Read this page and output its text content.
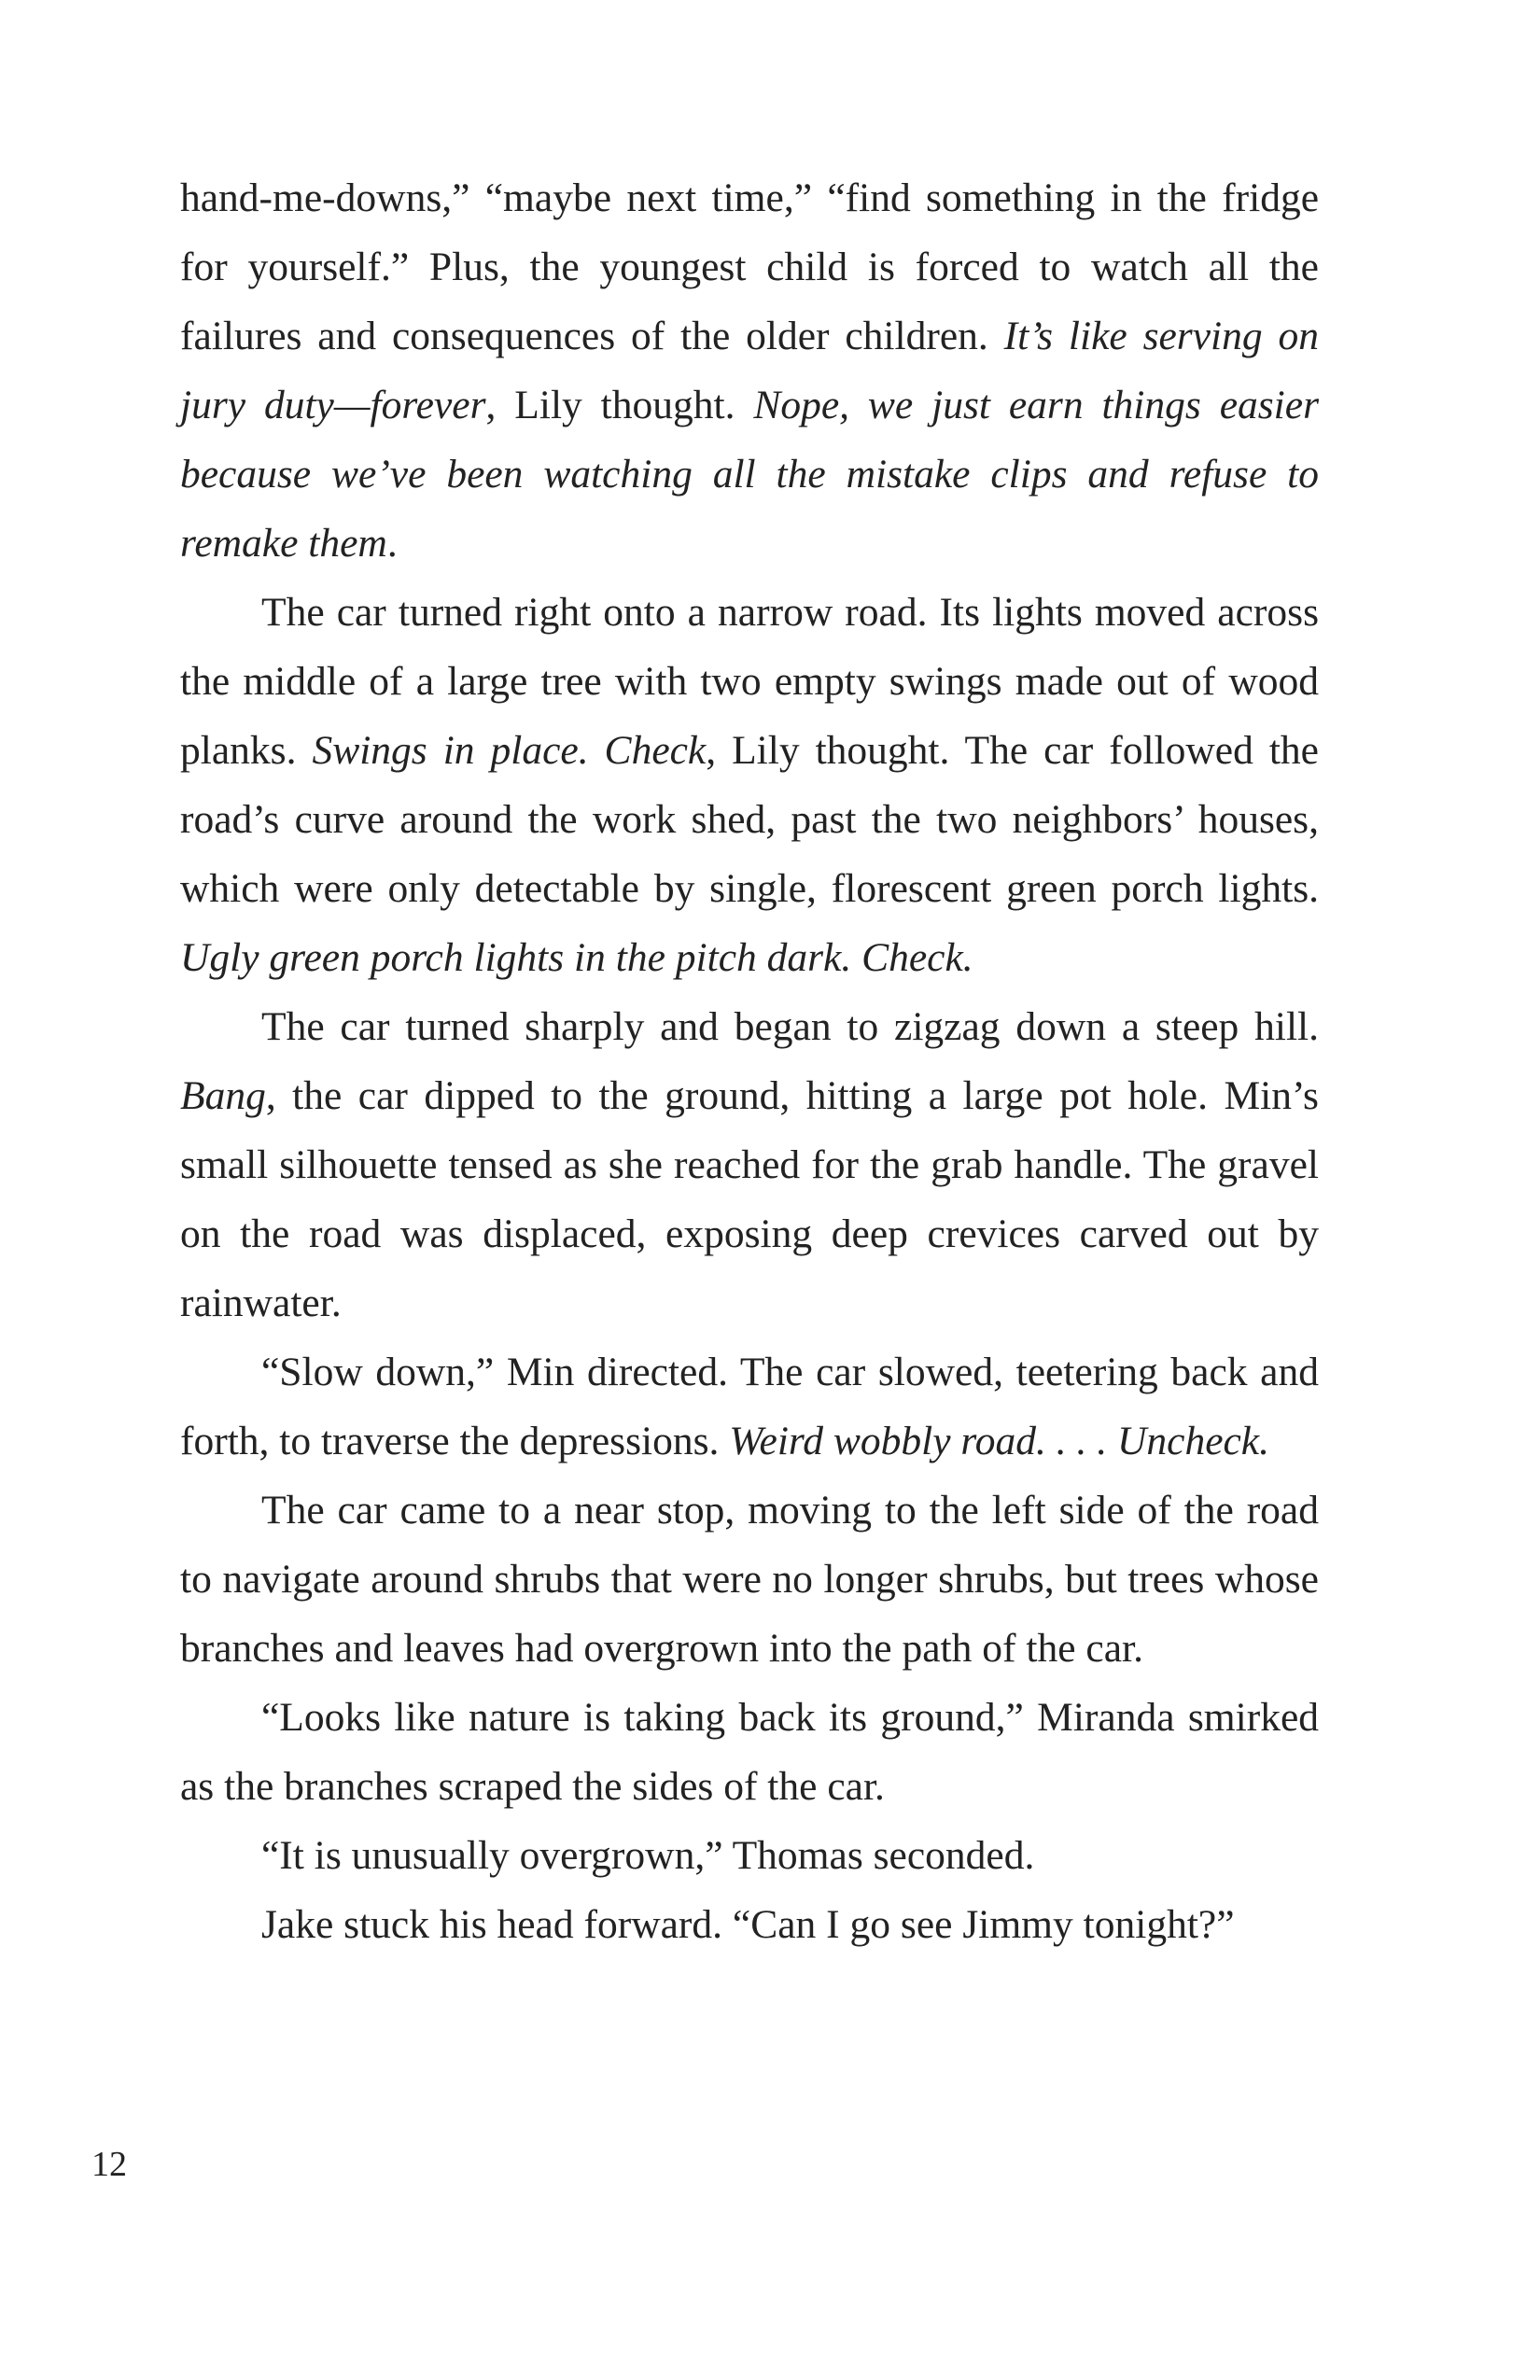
hand-me-downs,” “maybe next time,” “find something in the fridge for yourself.” Plus, the youngest child is forced to watch all the failures and consequences of the older children. It’s like serving on jury duty—forever, Lily thought. Nope, we just earn things easier because we’ve been watching all the mistake clips and refuse to remake them.

The car turned right onto a narrow road. Its lights moved across the middle of a large tree with two empty swings made out of wood planks. Swings in place. Check, Lily thought. The car followed the road’s curve around the work shed, past the two neighbors’ houses, which were only detectable by single, florescent green porch lights. Ugly green porch lights in the pitch dark. Check.

The car turned sharply and began to zigzag down a steep hill. Bang, the car dipped to the ground, hitting a large pot hole. Min’s small silhouette tensed as she reached for the grab handle. The gravel on the road was displaced, exposing deep crevices carved out by rainwater.

“Slow down,” Min directed. The car slowed, teetering back and forth, to traverse the depressions. Weird wobbly road. . . . Uncheck.

The car came to a near stop, moving to the left side of the road to navigate around shrubs that were no longer shrubs, but trees whose branches and leaves had overgrown into the path of the car.

“Looks like nature is taking back its ground,” Miranda smirked as the branches scraped the sides of the car.

“It is unusually overgrown,” Thomas seconded.

Jake stuck his head forward. “Can I go see Jimmy tonight?”

12
